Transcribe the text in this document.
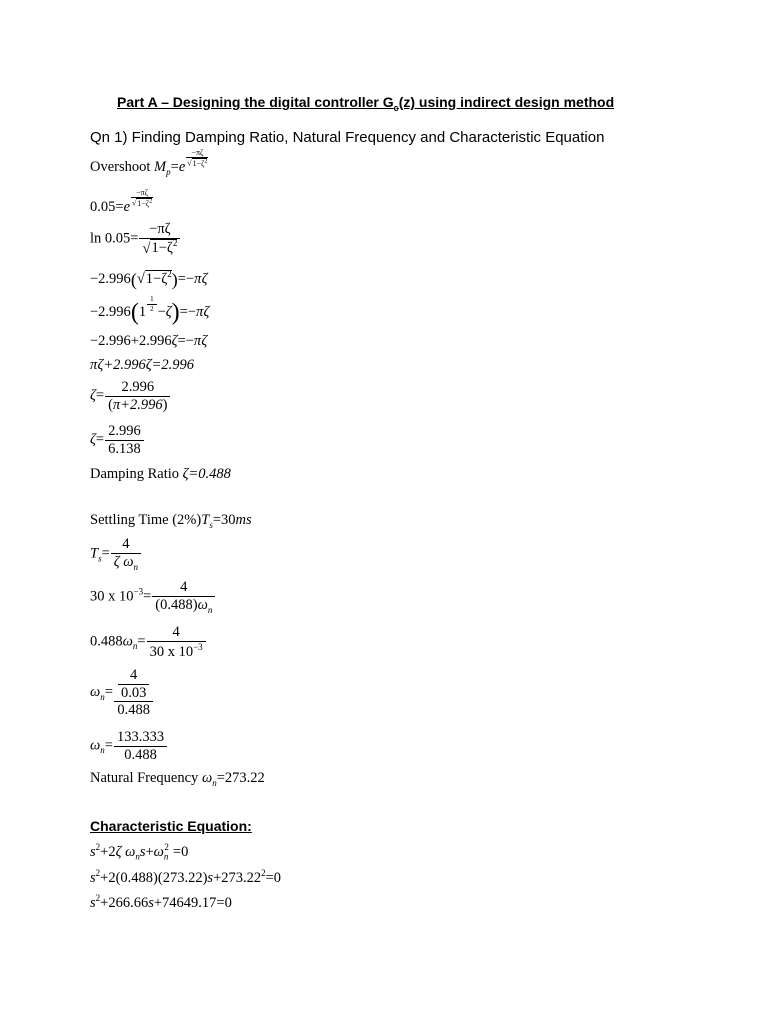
Part A – Designing the digital controller $G_c(z)$ using indirect design method
Qn 1) Finding Damping Ratio, Natural Frequency and Characteristic Equation
Overshoot $M_p=e$ $^{\frac{-\pi\zeta}{√1-\zeta^2}}$
0.05=e $^{\frac{-\pi\zeta}{√1-\zeta^2}}$
$\ln 0.05= \frac{-\pi\zeta}{√1-\zeta^2}$
$-2.996(√1-\zeta^2)=-\pi\zeta$
−2.996(1 $^{\frac{1}{2}}$ −ζ)=−πζ
−2.996+2.996ζ=−πζ
πζ+2.996ζ=2.996
$\zeta= \frac{2.996}{(\pi+2.996)}$
$\zeta= \frac{2.996}{6.138}$
Damping Ratio ζ=0.488
Settling Time $(2\%)T_s=30ms$
$T_s= \frac{4}{\zeta \omega_n}$
30 x $10^{-3}= \frac{4}{(0.488)\omega_n}$
$0.488\omega_n= \frac{4}{30 x 10^{-3}}$
$\omega_n= \frac{\frac{4}{0.03}}{0.488}$
$\omega_n= \frac{133.333}{0.488}$
Natural Frequency $\omega_n=273.22$
Characteristic Equation:
$s^2+2\zeta$ $\omega_ns+\omega_n^2 =0$
$s^2+2(0.488)(273.22)s+273.22^2=0$
$s^2+266.66s+74649.17=0$
